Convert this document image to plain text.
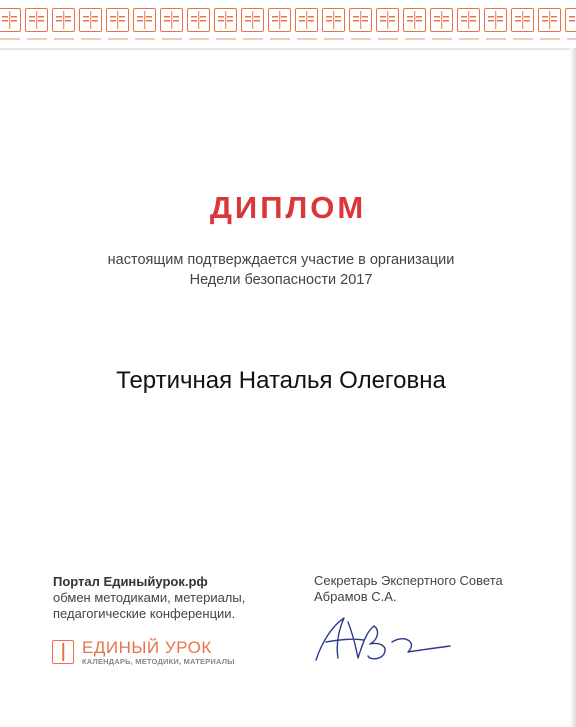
ДИПЛОМ
настоящим подтверждается участие в организации
Недели безопасности 2017
Тертичная Наталья Олеговна
Портал Единыйурок.рф
обмен методиками, метериалы,
педагогические конференции.
ЕДИНЫЙ УРОК
КАЛЕНДАРЬ, МЕТОДИКИ, МАТЕРИАЛЫ
Секретарь Экспертного Совета
Абрамов С.А.
